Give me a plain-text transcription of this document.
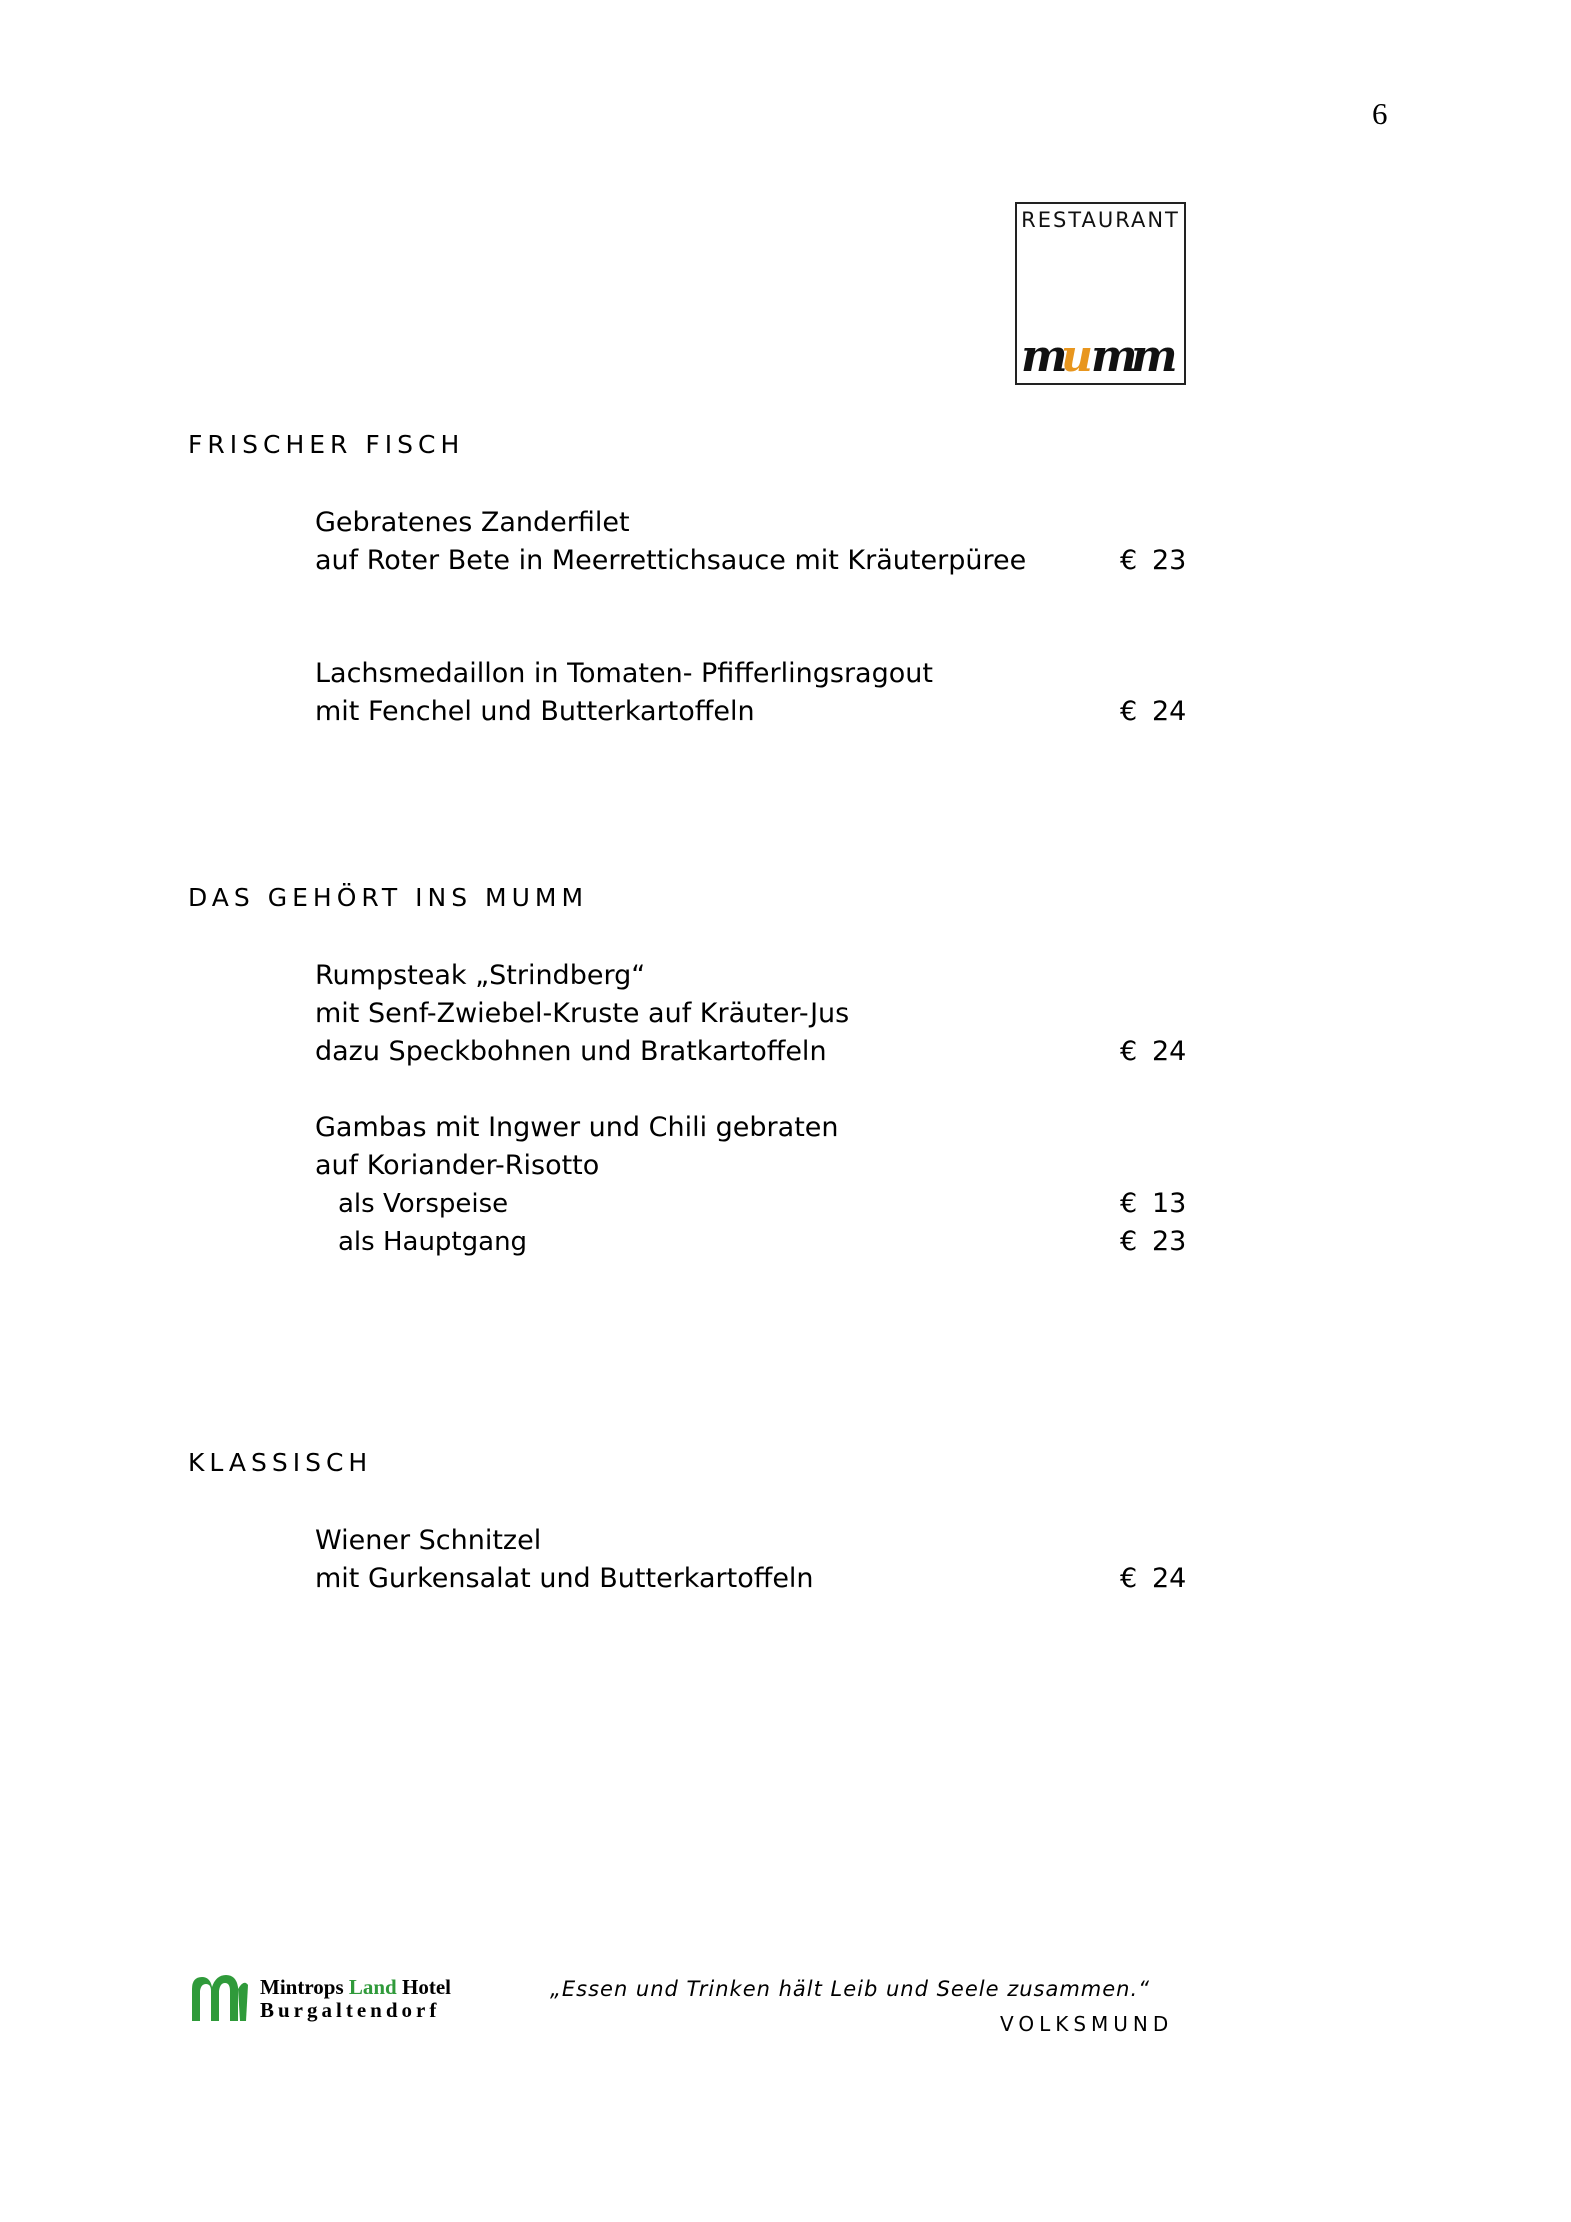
6
RESTAURANT
m
u
m
m
FRISCHER FISCH
Gebratenes Zanderfilet
auf Roter Bete in Meerrettichsauce mit Kräuterpüree	€ 23
Lachsmedaillon in Tomaten- Pfifferlingsragout
mit Fenchel und Butterkartoffeln	€ 24
DAS GEHÖRT INS MUMM
Rumpsteak „Strindberg“
mit Senf-Zwiebel-Kruste auf Kräuter-Jus
dazu Speckbohnen und Bratkartoffeln	€ 24
Gambas mit Ingwer und Chili gebraten
auf Koriander-Risotto
als Vorspeise	€ 13
als Hauptgang	€ 23
KLASSISCH
Wiener Schnitzel
mit Gurkensalat und Butterkartoffeln	€ 24
Mintrops Land Hotel
Burgaltendorf
„Essen und Trinken hält Leib und Seele zusammen.“
VOLKSMUND
